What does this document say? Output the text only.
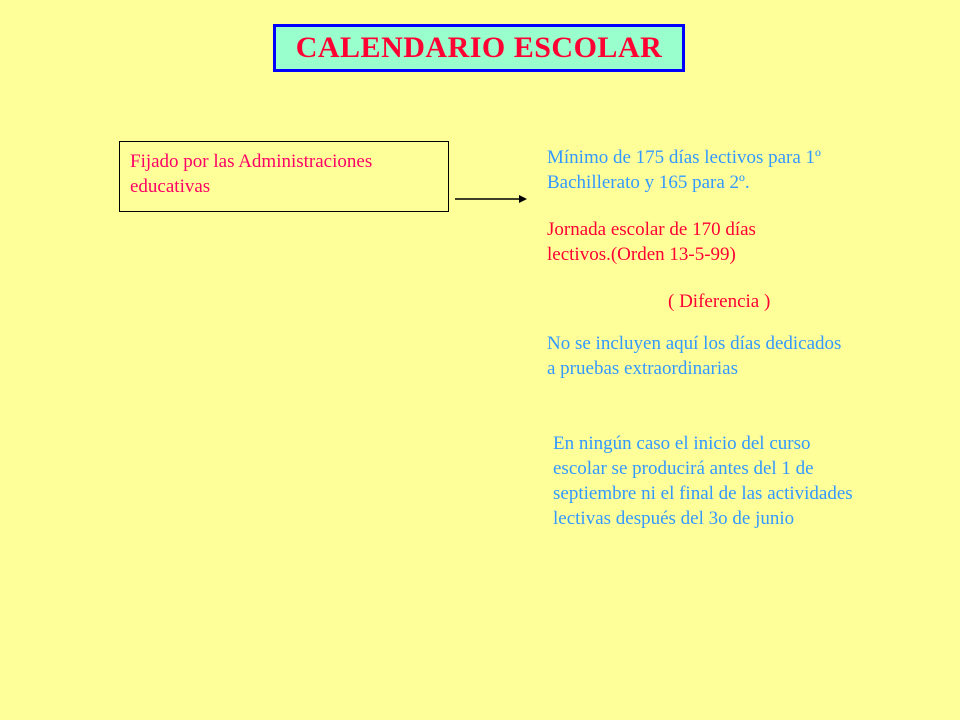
CALENDARIO ESCOLAR
Fijado por las Administraciones
educativas
Mínimo de 175 días lectivos para 1º
Bachillerato y 165 para 2º.
Jornada escolar de 170 días
lectivos.(Orden 13-5-99)
( Diferencia )
No se incluyen aquí los días dedicados
a pruebas extraordinarias
En ningún caso el inicio del curso
escolar se producirá antes del 1 de
septiembre ni el final de las actividades
lectivas después del 3o de junio
